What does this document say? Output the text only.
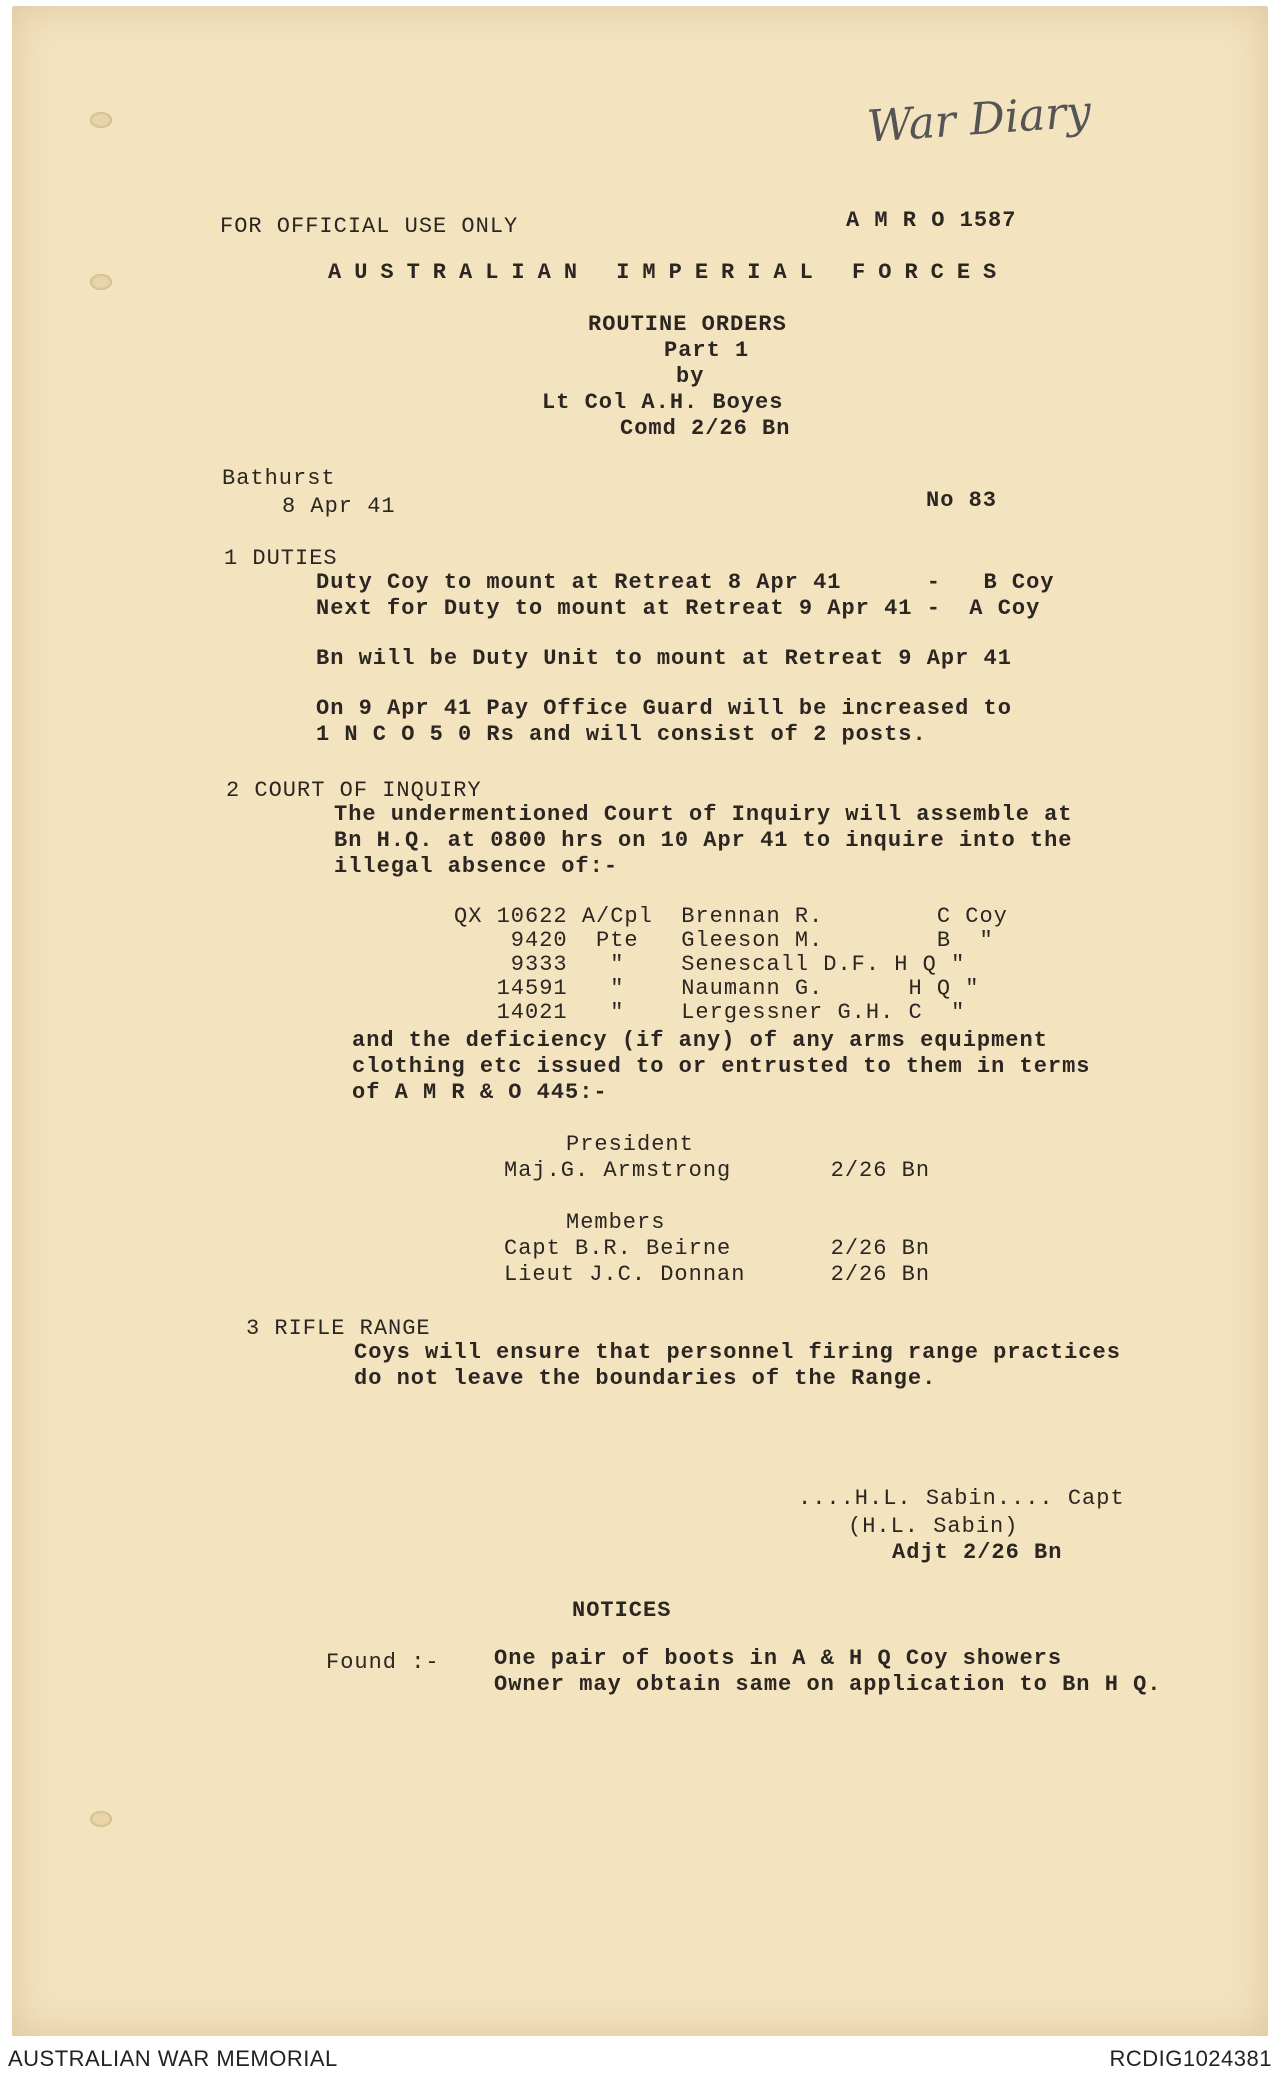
War Diary
FOR OFFICIAL USE ONLY	A M R O 1587
AUSTRALIAN IMPERIAL FORCES
ROUTINE ORDERS
Part 1
by
Lt Col A.H. Boyes
Comd 2/26 Bn
Bathurst
8 Apr 41	No 83
1 DUTIES
Duty Coy to mount at Retreat 8 Apr 41      -   B Coy
Next for Duty to mount at Retreat 9 Apr 41 -  A Coy
Bn will be Duty Unit to mount at Retreat 9 Apr 41
On 9 Apr 41 Pay Office Guard will be increased to
1 N C O 5 0 Rs and will consist of 2 posts.
2 COURT OF INQUIRY
The undermentioned Court of Inquiry will assemble at
Bn H.Q. at 0800 hrs on 10 Apr 41 to inquire into the
illegal absence of:-
QX 10622 A/Cpl  Brennan R.        C Coy
9420  Pte   Gleeson M.        B  "
9333   "    Senescall D.F. H Q "
14591   "    Naumann G.      H Q "
14021   "    Lergessner G.H. C  "
and the deficiency (if any) of any arms equipment
clothing etc issued to or entrusted to them in terms
of A M R & O 445:-
President
Maj.G. Armstrong       2/26 Bn
Members
Capt B.R. Beirne       2/26 Bn
Lieut J.C. Donnan      2/26 Bn
3 RIFLE RANGE
Coys will ensure that personnel firing range practices
do not leave the boundaries of the Range.
....H.L. Sabin.... Capt
(H.L. Sabin)
Adjt 2/26 Bn
NOTICES
Found :- One pair of boots in A & H Q Coy showers
Owner may obtain same on application to Bn H Q.
AUSTRALIAN WAR MEMORIAL	RCDIG1024381
